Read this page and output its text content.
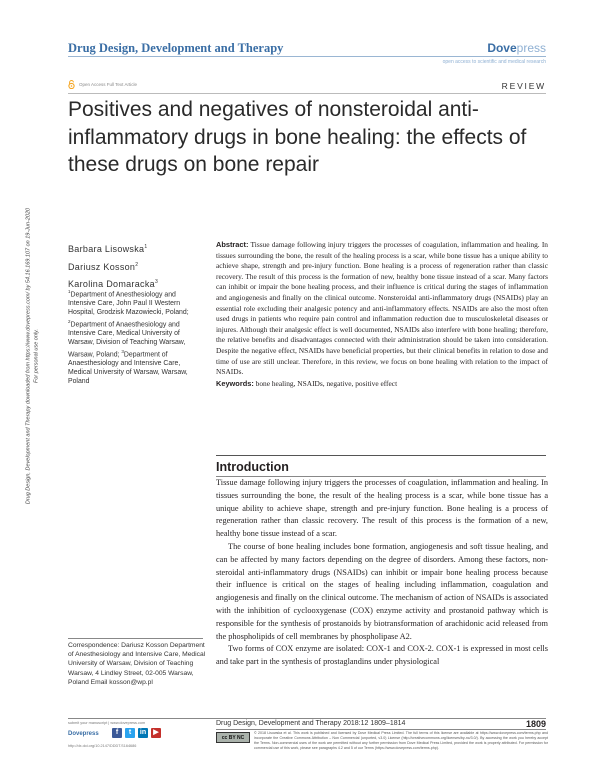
Drug Design, Development and Therapy	Dovepress
open access to scientific and medical research
Open Access Full Text Article	REVIEW
Positives and negatives of nonsteroidal anti-inflammatory drugs in bone healing: the effects of these drugs on bone repair
Drug Design, Development and Therapy downloaded from https://www.dovepress.com/ by 54.16.169.107 on 19-Jun-2020 For personal use only.
Barbara Lisowska$^1$
Dariusz Kosson$^2$
Karolina Domaracka$^3$
$^1$Department of Anesthesiology and Intensive Care, John Paul II Western Hospital, Grodzisk Mazowiecki, Poland; $^2$Department of Anaesthesiology and Intensive Care, Medical University of Warsaw, Division of Teaching Warsaw, Warsaw, Poland; $^3$Department of Anaesthesiology and Intensive Care, Medical University of Warsaw, Warsaw, Poland
Abstract: Tissue damage following injury triggers the processes of coagulation, inflammation and healing. In tissues surrounding the bone, the result of the healing process is a scar, while bone tissue has a unique ability to achieve shape, strength and pre-injury function. Bone healing is a process of regeneration rather than classic recovery. The result of this process is the formation of new, healthy bone tissue instead of a scar. Many factors can inhibit or impair the bone healing process, and their influence is critical during the stages of inflammation and angiogenesis and finally on the clinical outcome. Nonsteroidal anti-inflammatory drugs (NSAIDs) play an essential role excluding their analgesic potency and anti-inflammatory effects. NSAIDs are also the most often used drugs in patients who require pain control and inflammation reduction due to musculoskeletal diseases or injures. Although their analgesic effect is well documented, NSAIDs also interfere with bone healing; therefore, the relative benefits and disadvantages connected with their administration should be taken into consideration. Despite the negative effect, NSAIDs have beneficial properties, but their clinical benefits in relation to dose and time of use are still unclear. Therefore, in this review, we focus on bone healing with relation to the impact of NSAIDs.
Keywords: bone healing, NSAIDs, negative, positive effect
Introduction

Tissue damage following injury triggers the processes of coagulation, inflammation and healing. In tissues surrounding the bone, the result of the healing process is a scar, while bone tissue has a unique ability to achieve shape, strength and pre-injury function. Bone healing is a process of regeneration rather than classic recovery. The result of this process is the formation of a new, healthy bone tissue instead of a scar.

The course of bone healing includes bone formation, angiogenesis and soft tissue healing, and can be affected by many factors depending on the degree of disorders. Among these factors, non-steroidal anti-inflammatory drugs (NSAIDs) can inhibit or impair bone healing process because their influence is critical on the stages of healing including inflammation, coagulation and angiogenesis and finally on the clinical outcome. The mechanism of action of NSAIDs is associated with the inhibition of cyclooxygenase (COX) enzyme activity and prostanoid pathway which is responsible for the synthesis of prostanoids by biotransformation of arachidonic acid released from the phospholipids of cell membranes by phospholipase A2.

Two forms of COX enzyme are isolated: COX-1 and COX-2. COX-1 is expressed in most cells and take part in the synthesis of prostaglandins under physiological

Correspondence: Dariusz Kosson Department of Anesthesiology and Intensive Care, Medical University of Warsaw, Division of Teaching Warsaw, 4 Lindley Street, 02-005 Warsaw, Poland Email kosson@wp.pl
submit your manuscript | www.dovepress.com
Dovepress	f	t	in	▶
http://dx.doi.org/10.2147/DDDT.S164686
Drug Design, Development and Therapy 2018:12 1809–1814	1809
cc BY NC
© 2018 Lisowska et al. This work is published and licensed by Dove Medical Press Limited. The full terms of this license are available at https://www.dovepress.com/terms.php and incorporate the Creative Commons Attribution – Non Commercial (unported, v3.0) License (http://creativecommons.org/licenses/by-nc/3.0/). By accessing the work you hereby accept the Terms. Non-commercial uses of the work are permitted without any further permission from Dove Medical Press Limited, provided the work is properly attributed. For permission for commercial use of this work, please see paragraphs 4.2 and 5 of our Terms (https://www.dovepress.com/terms.php).
